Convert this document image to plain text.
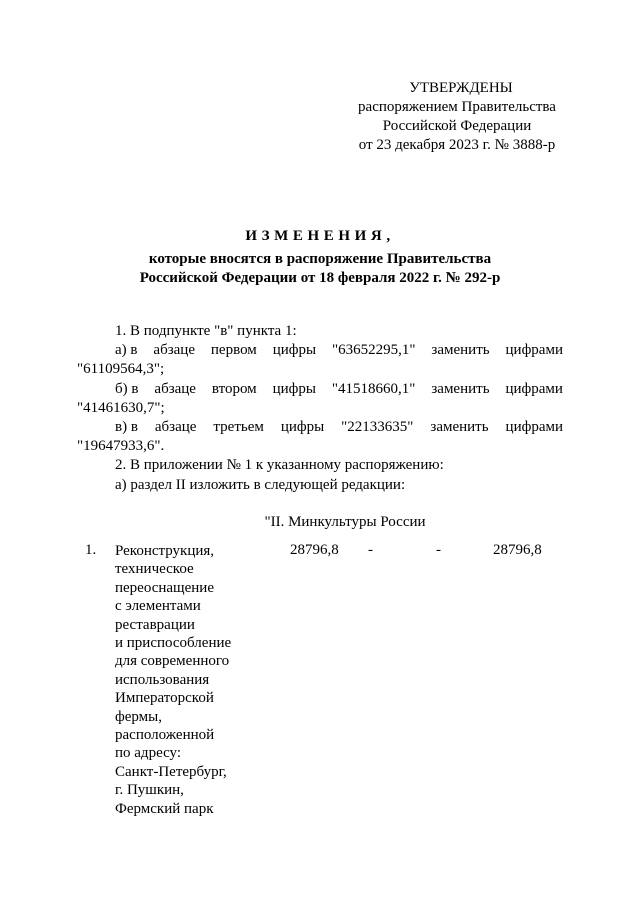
УТВЕРЖДЕНЫ
распоряжением Правительства
Российской Федерации
от 23 декабря 2023 г. № 3888-р
ИЗМЕНЕНИЯ,
которые вносятся в распоряжение Правительства
Российской Федерации от 18 февраля 2022 г. № 292-р
1. В подпункте "в" пункта 1:
а) в абзаце первом цифры "63652295,1" заменить цифрами
"61109564,3";
б) в абзаце втором цифры "41518660,1" заменить цифрами
"41461630,7";
в) в абзаце третьем цифры "22133635" заменить цифрами
"19647933,6".
2. В приложении № 1 к указанному распоряжению:
а) раздел II изложить в следующей редакции:
"II. Минкультуры России
1. Реконструкция,
техническое
переоснащение
с элементами
реставрации
и приспособление
для современного
использования
Императорской
фермы,
расположенной
по адресу:
Санкт-Петербург,
г. Пушкин,
Фермский парк
28796,8 -	-	28796,8
